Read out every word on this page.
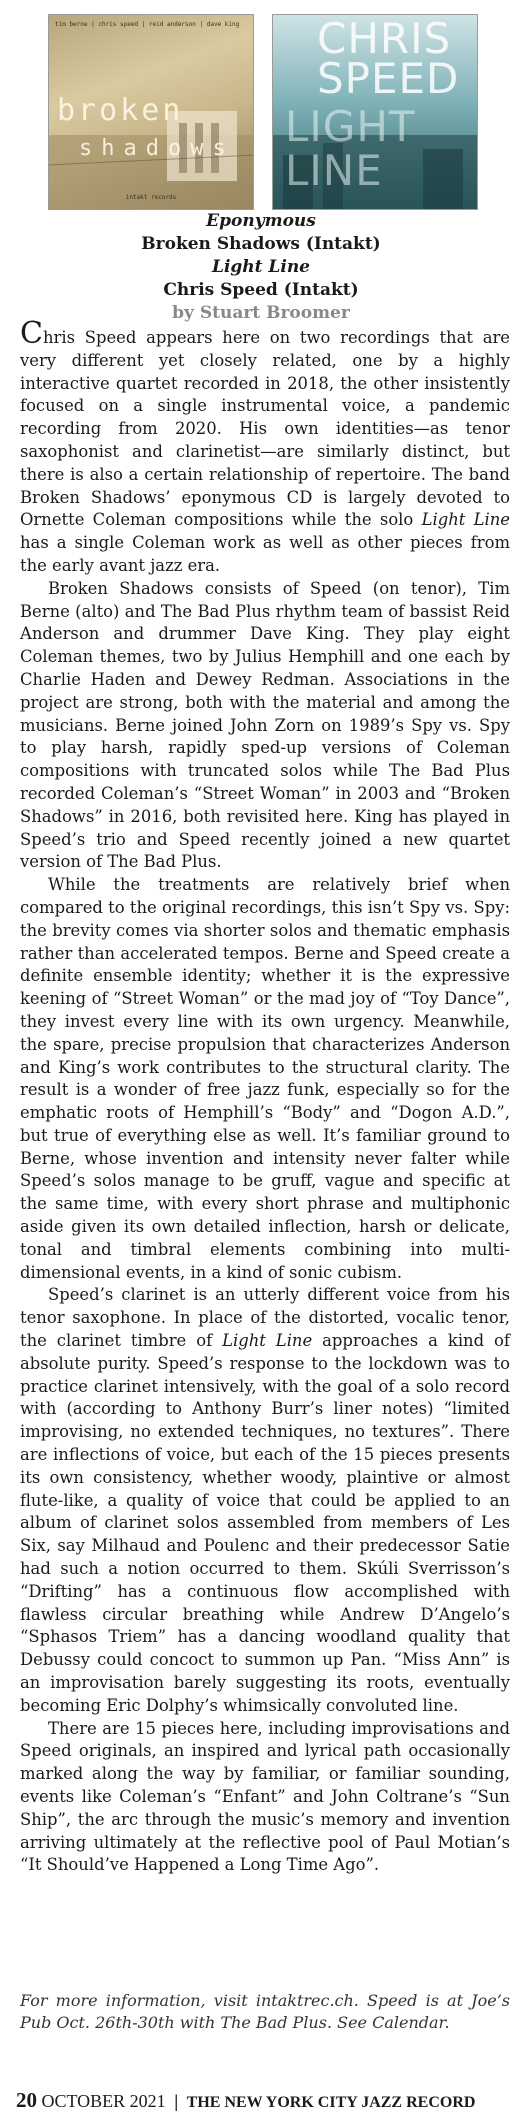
tim berne | chris speed | reid anderson | dave king
broken
shadows
intakt records
CHRIS SPEED
LIGHT LINE
Eponymous
Broken Shadows (Intakt)
Light Line
Chris Speed (Intakt)
by Stuart Broomer

Chris Speed appears here on two recordings that are very different yet closely related, one by a highly interactive quartet recorded in 2018, the other insistently focused on a single instrumental voice, a pandemic recording from 2020. His own identities—as tenor saxophonist and clarinetist—are similarly distinct, but there is also a certain relationship of repertoire. The band Broken Shadows’ eponymous CD is largely devoted to Ornette Coleman compositions while the solo Light Line has a single Coleman work as well as other pieces from the early avant jazz era.

Broken Shadows consists of Speed (on tenor), Tim Berne (alto) and The Bad Plus rhythm team of bassist Reid Anderson and drummer Dave King. They play eight Coleman themes, two by Julius Hemphill and one each by Charlie Haden and Dewey Redman. Associations in the project are strong, both with the material and among the musicians. Berne joined John Zorn on 1989’s Spy vs. Spy to play harsh, rapidly sped-up versions of Coleman compositions with truncated solos while The Bad Plus recorded Coleman’s “Street Woman” in 2003 and “Broken Shadows” in 2016, both revisited here. King has played in Speed’s trio and Speed recently joined a new quartet version of The Bad Plus.

While the treatments are relatively brief when compared to the original recordings, this isn’t Spy vs. Spy: the brevity comes via shorter solos and thematic emphasis rather than accelerated tempos. Berne and Speed create a definite ensemble identity; whether it is the expressive keening of “Street Woman” or the mad joy of “Toy Dance”, they invest every line with its own urgency. Meanwhile, the spare, precise propulsion that characterizes Anderson and King’s work contributes to the structural clarity. The result is a wonder of free jazz funk, especially so for the emphatic roots of Hemphill’s “Body” and “Dogon A.D.”, but true of everything else as well. It’s familiar ground to Berne, whose invention and intensity never falter while Speed’s solos manage to be gruff, vague and specific at the same time, with every short phrase and multiphonic aside given its own detailed inflection, harsh or delicate, tonal and timbral elements combining into multi-dimensional events, in a kind of sonic cubism.

Speed’s clarinet is an utterly different voice from his tenor saxophone. In place of the distorted, vocalic tenor, the clarinet timbre of Light Line approaches a kind of absolute purity. Speed’s response to the lockdown was to practice clarinet intensively, with the goal of a solo record with (according to Anthony Burr’s liner notes) “limited improvising, no extended techniques, no textures”. There are inflections of voice, but each of the 15 pieces presents its own consistency, whether woody, plaintive or almost flute-like, a quality of voice that could be applied to an album of clarinet solos assembled from members of Les Six, say Milhaud and Poulenc and their predecessor Satie had such a notion occurred to them. Skúli Sverrisson’s “Drifting” has a continuous flow accomplished with flawless circular breathing while Andrew D’Angelo’s “Sphasos Triem” has a dancing woodland quality that Debussy could concoct to summon up Pan. “Miss Ann” is an improvisation barely suggesting its roots, eventually becoming Eric Dolphy’s whimsically convoluted line.

There are 15 pieces here, including improvisations and Speed originals, an inspired and lyrical path occasionally marked along the way by familiar, or familiar sounding, events like Coleman’s “Enfant” and John Coltrane’s “Sun Ship”, the arc through the music’s memory and invention arriving ultimately at the reflective pool of Paul Motian’s “It Should’ve Happened a Long Time Ago”.

For more information, visit intaktrec.ch. Speed is at Joe’s Pub Oct. 26th-30th with The Bad Plus. See Calendar.
20 OCTOBER 2021 | THE NEW YORK CITY JAZZ RECORD
